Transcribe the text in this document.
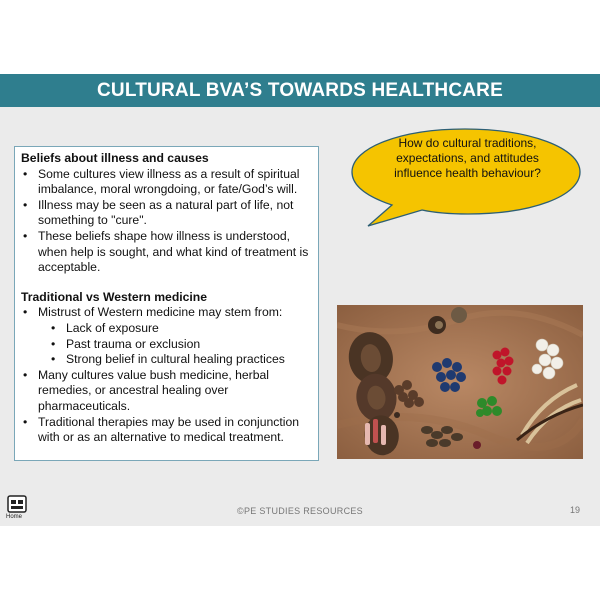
CULTURAL BVA’S TOWARDS HEALTHCARE

Beliefs about illness and causes

• Some cultures view illness as a result of spiritual imbalance, moral wrongdoing, or fate/God’s will.
• Illness may be seen as a natural part of life, not something to "cure".
• These beliefs shape how illness is understood, when help is sought, and what kind of treatment is acceptable.

Traditional vs Western medicine

• Mistrust of Western medicine may stem from:
• Lack of exposure
• Past trauma or exclusion
• Strong belief in cultural healing practices
• Many cultures value bush medicine, herbal remedies, or ancestral healing over pharmaceuticals.
• Traditional therapies may be used in conjunction with or as an alternative to medical treatment.
How do cultural traditions, expectations, and attitudes influence health behaviour?
Home
©PE STUDIES RESOURCES	19
